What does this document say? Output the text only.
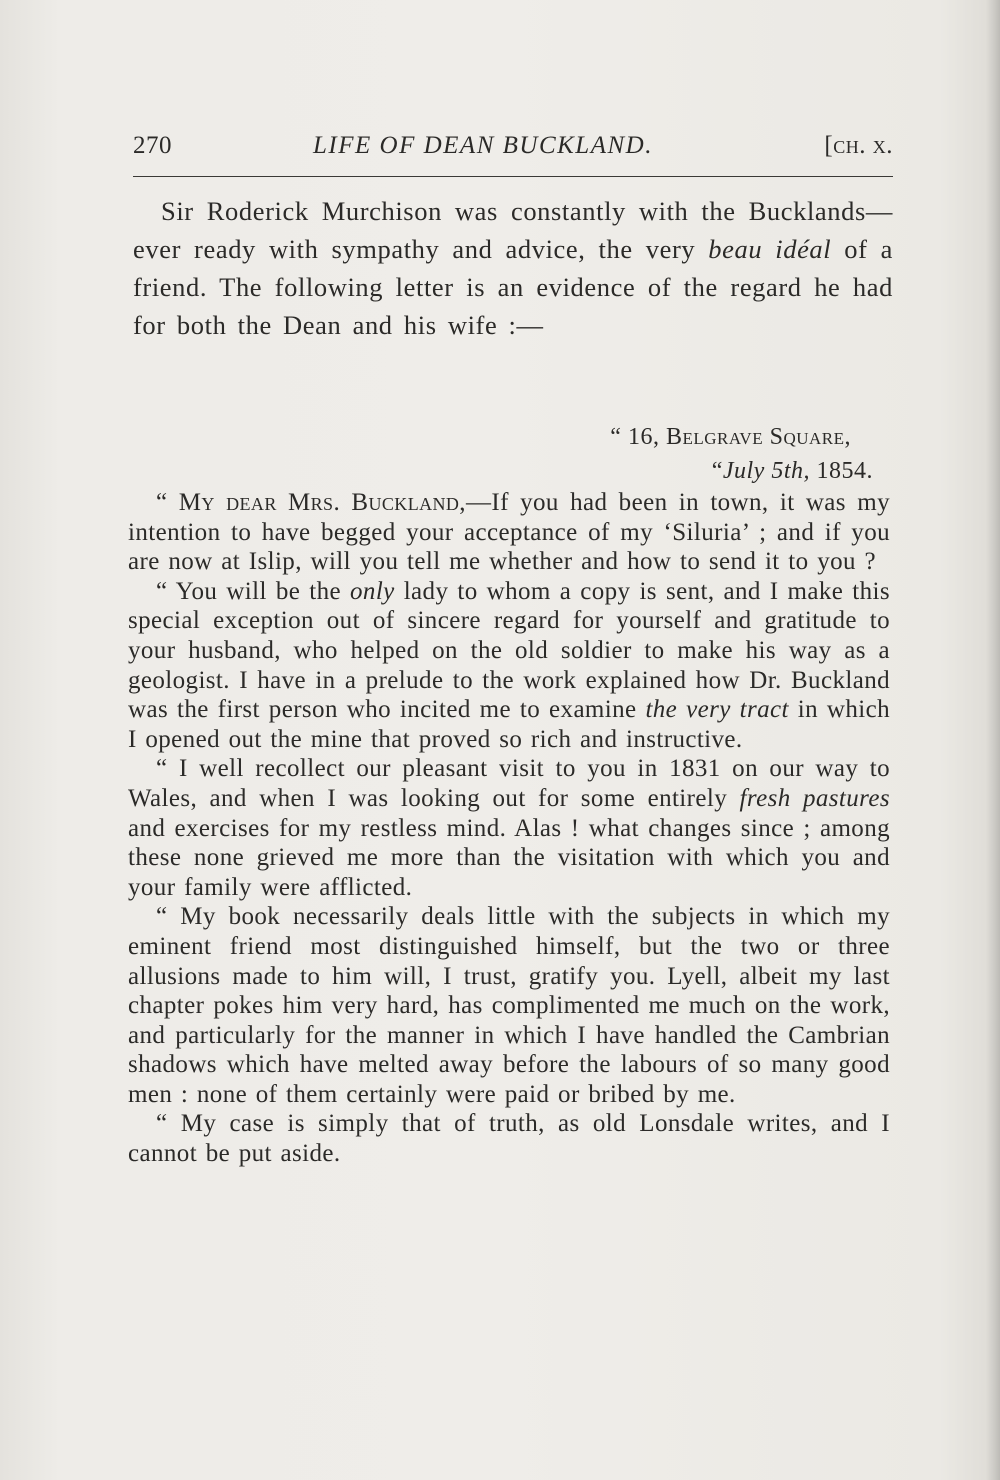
270	LIFE OF DEAN BUCKLAND.	[ch. x.

Sir Roderick Murchison was constantly with the Bucklands—ever ready with sympathy and advice, the very beau idéal of a friend. The following letter is an evidence of the regard he had for both the Dean and his wife :—

“ 16, Belgrave Square,
“July 5th, 1854.

“ My dear Mrs. Buckland,—If you had been in town, it was my intention to have begged your acceptance of my ‘Siluria’ ; and if you are now at Islip, will you tell me whether and how to send it to you ?

“ You will be the only lady to whom a copy is sent, and I make this special exception out of sincere regard for yourself and gratitude to your husband, who helped on the old soldier to make his way as a geologist. I have in a prelude to the work explained how Dr. Buckland was the first person who incited me to examine the very tract in which I opened out the mine that proved so rich and instructive.

“ I well recollect our pleasant visit to you in 1831 on our way to Wales, and when I was looking out for some entirely fresh pastures and exercises for my restless mind. Alas ! what changes since ; among these none grieved me more than the visitation with which you and your family were afflicted.

“ My book necessarily deals little with the subjects in which my eminent friend most distinguished himself, but the two or three allusions made to him will, I trust, gratify you. Lyell, albeit my last chapter pokes him very hard, has complimented me much on the work, and particularly for the manner in which I have handled the Cambrian shadows which have melted away before the labours of so many good men : none of them certainly were paid or bribed by me.

“ My case is simply that of truth, as old Lonsdale writes, and I cannot be put aside.
